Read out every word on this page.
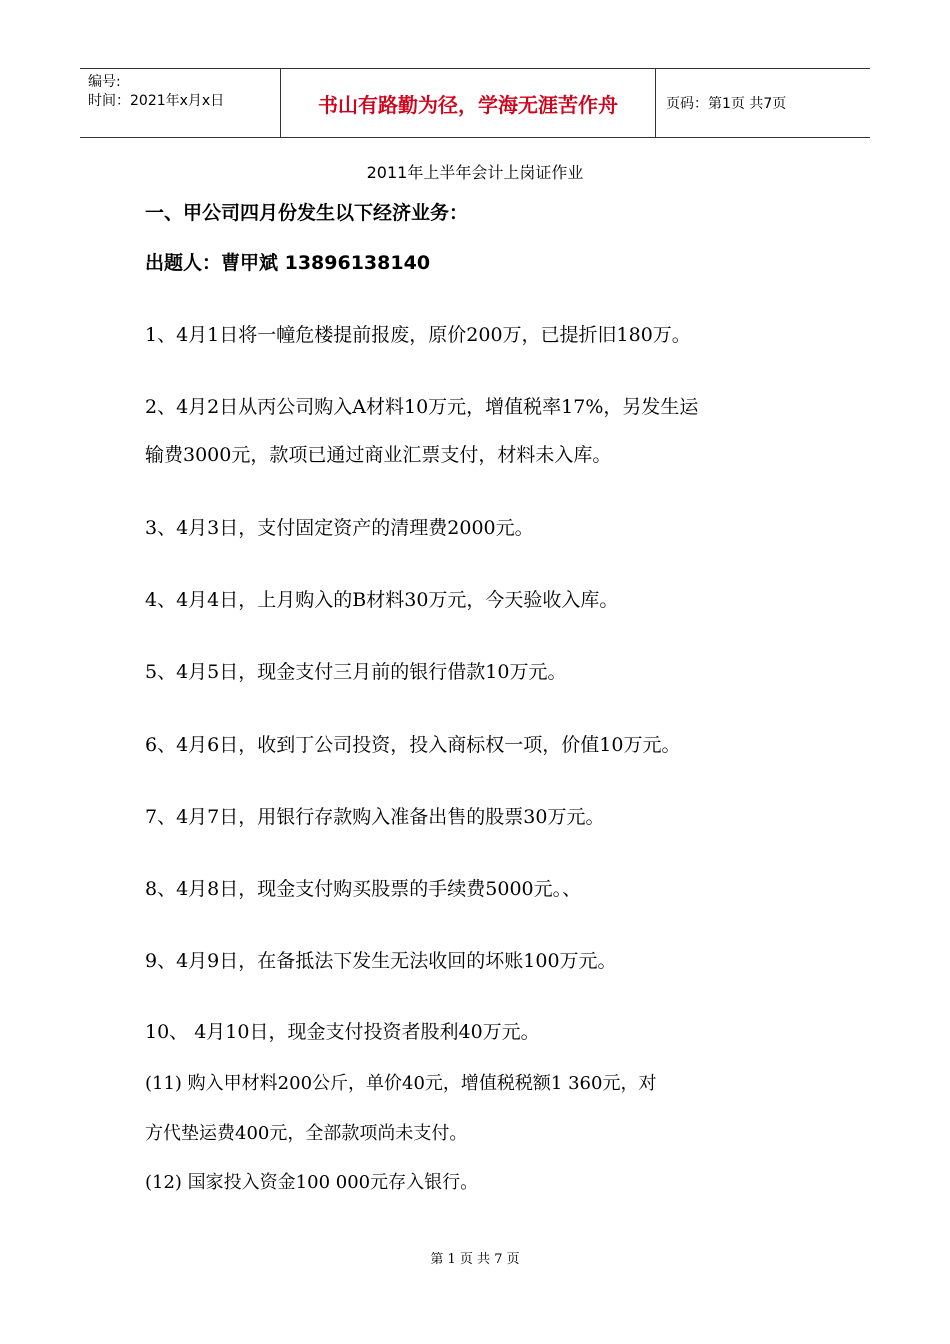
编号:
时间：2021年x月x日	书山有路勤为径，学海无涯苦作舟	页码：第1页 共7页
2011年上半年会计上岗证作业
一、甲公司四月份发生以下经济业务：
出题人：曹甲斌 13896138140
1、4月1日将一幢危楼提前报废，原价200万，已提折旧180万。
2、4月2日从丙公司购入A材料10万元，增值税率17%，另发生运
输费3000元，款项已通过商业汇票支付，材料未入库。
3、4月3日，支付固定资产的清理费2000元。
4、4月4日，上月购入的B材料30万元，今天验收入库。
5、4月5日，现金支付三月前的银行借款10万元。
6、4月6日，收到丁公司投资，投入商标权一项，价值10万元。
7、4月7日，用银行存款购入准备出售的股票30万元。
8、4月8日，现金支付购买股票的手续费5000元。、
9、4月9日，在备抵法下发生无法收回的坏账100万元。
10、 4月10日，现金支付投资者股利40万元。
(11) 购入甲材料200公斤，单价40元，增值税税额1 360元，对
方代垫运费400元，全部款项尚未支付。
(12) 国家投入资金100 000元存入银行。
第 1 页 共 7 页
